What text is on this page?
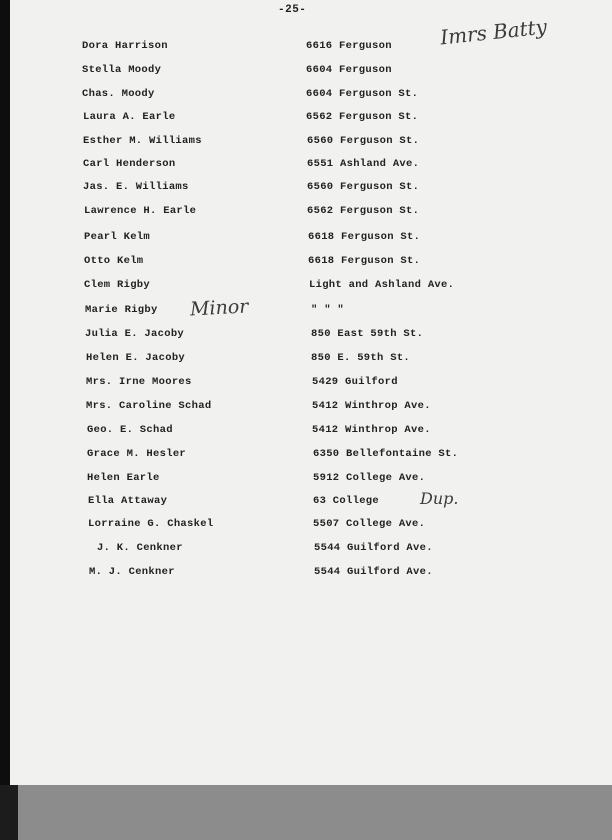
-25-
Imrs Batty
Minor
Dup.
Dora Harrison	6616 Ferguson
Stella Moody	6604 Ferguson
Chas. Moody	6604 Ferguson St.
Laura A. Earle	6562 Ferguson St.
Esther M. Williams	6560 Ferguson St.
Carl Henderson	6551 Ashland Ave.
Jas. E. Williams	6560 Ferguson St.
Lawrence H. Earle	6562 Ferguson St.
Pearl Kelm	6618 Ferguson St.
Otto Kelm	6618 Ferguson St.
Clem Rigby	Light and Ashland Ave.
Marie Rigby	" " "
Julia E. Jacoby	850 East 59th St.
Helen E. Jacoby	850 E. 59th St.
Mrs. Irne Moores	5429 Guilford
Mrs. Caroline Schad	5412 Winthrop Ave.
Geo. E. Schad	5412 Winthrop Ave.
Grace M. Hesler	6350 Bellefontaine St.
Helen Earle	5912 College Ave.
Ella Attaway	63 College
Lorraine G. Chaskel	5507 College Ave.
J. K. Cenkner	5544 Guilford Ave.
M. J. Cenkner	5544 Guilford Ave.
